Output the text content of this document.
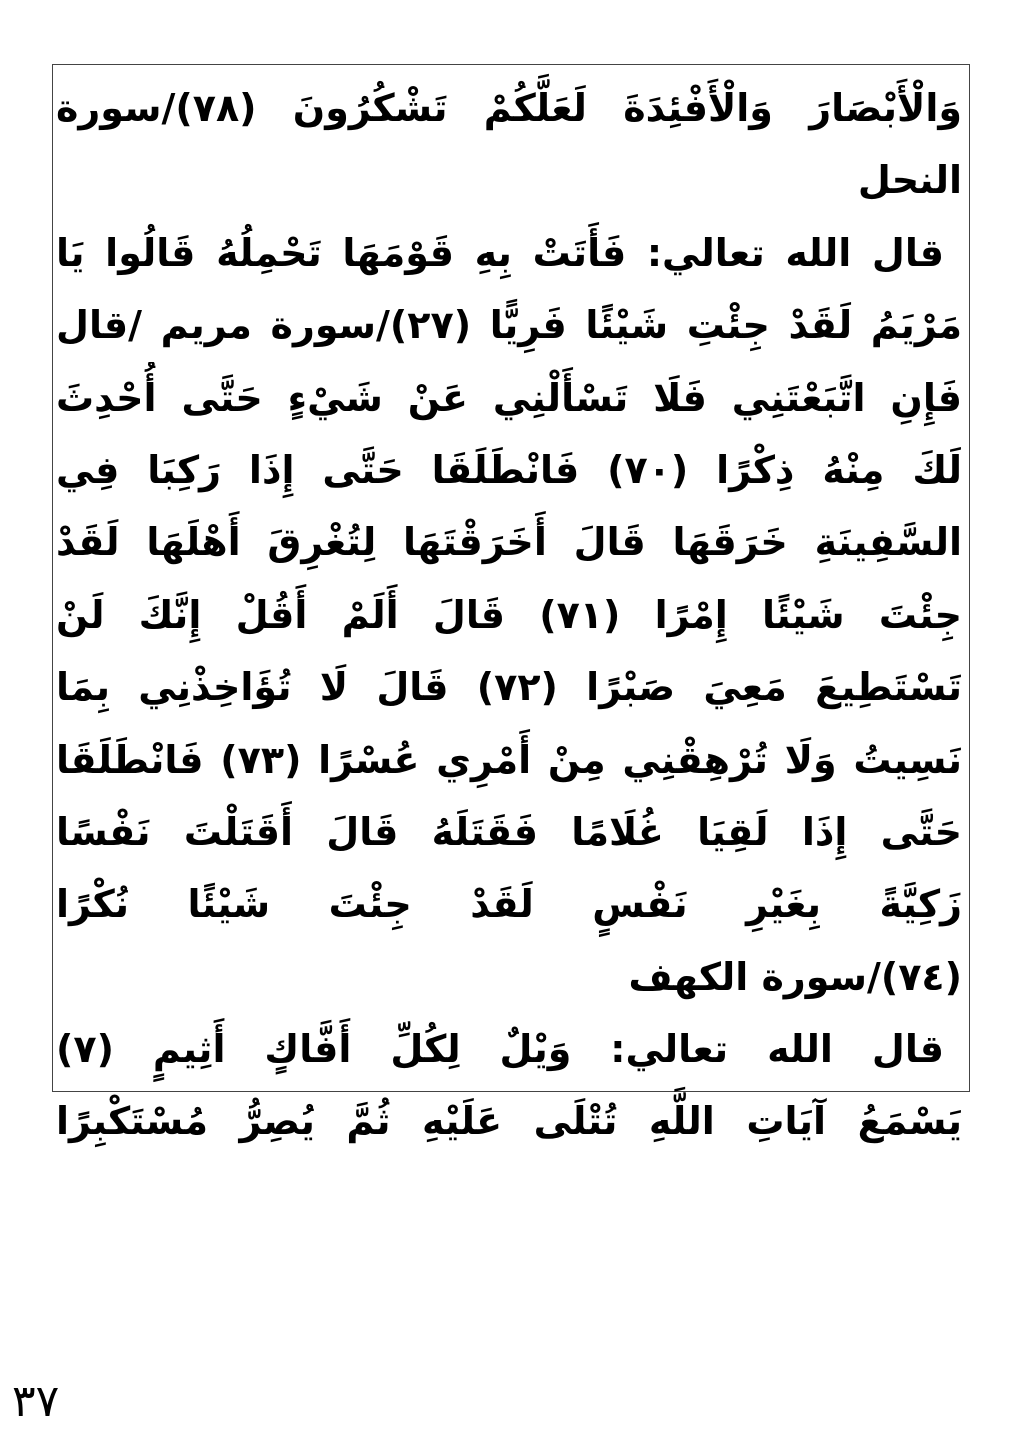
وَالْأَبْصَارَ وَالْأَفْئِدَةَ لَعَلَّكُمْ تَشْكُرُونَ (٧٨)/سورة
النحل
قال الله تعالي: فَأَتَتْ بِهِ قَوْمَهَا تَحْمِلُهُ قَالُوا يَا
مَرْيَمُ لَقَدْ جِئْتِ شَيْئًا فَرِيًّا (٢٧)/سورة مريم /قال
فَإِنِ اتَّبَعْتَنِي فَلَا تَسْأَلْنِي عَنْ شَيْءٍ حَتَّى أُحْدِثَ
لَكَ مِنْهُ ذِكْرًا (٧٠) فَانْطَلَقَا حَتَّى إِذَا رَكِبَا فِي
السَّفِينَةِ خَرَقَهَا قَالَ أَخَرَقْتَهَا لِتُغْرِقَ أَهْلَهَا لَقَدْ
جِئْتَ شَيْئًا إِمْرًا (٧١) قَالَ أَلَمْ أَقُلْ إِنَّكَ لَنْ
تَسْتَطِيعَ مَعِيَ صَبْرًا (٧٢) قَالَ لَا تُؤَاخِذْنِي بِمَا
نَسِيتُ وَلَا تُرْهِقْنِي مِنْ أَمْرِي عُسْرًا (٧٣) فَانْطَلَقَا
حَتَّى إِذَا لَقِيَا غُلَامًا فَقَتَلَهُ قَالَ أَقَتَلْتَ نَفْسًا
زَكِيَّةً بِغَيْرِ نَفْسٍ لَقَدْ جِئْتَ شَيْئًا نُكْرًا
(٧٤)/سورة الكهف
قال الله تعالي: وَيْلٌ لِكُلِّ أَفَّاكٍ أَثِيمٍ (٧)
يَسْمَعُ آيَاتِ اللَّهِ تُتْلَى عَلَيْهِ ثُمَّ يُصِرُّ مُسْتَكْبِرًا
٣٧
